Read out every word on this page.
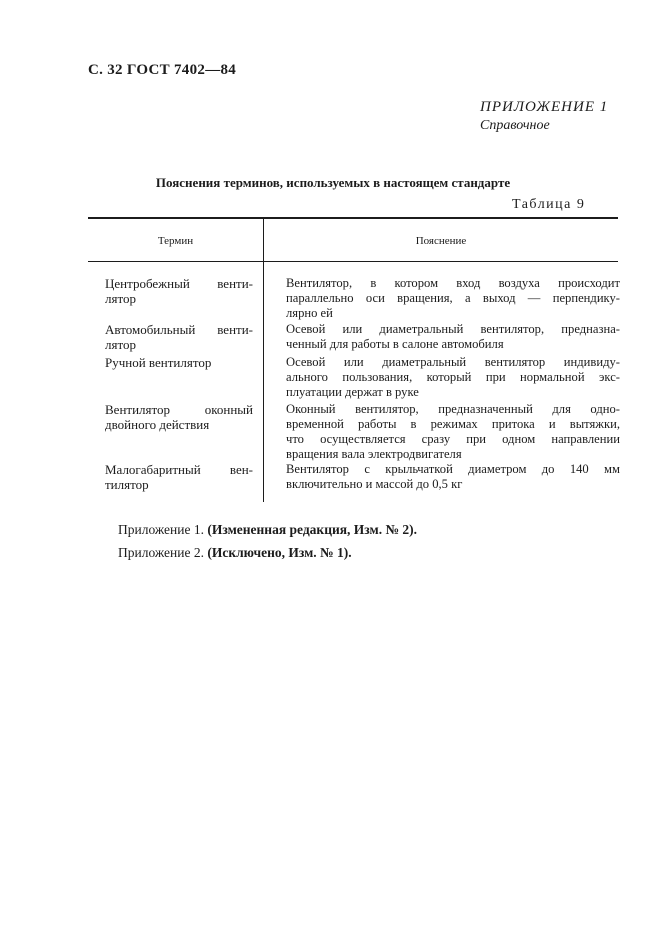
С. 32 ГОСТ 7402—84
ПРИЛОЖЕНИЕ 1
Справочное
Пояснения терминов, используемых в настоящем стандарте
Таблица 9
Термин	Пояснение
Центробежный венти-
лятор
Вентилятор, в котором вход воздуха происходит
параллельно оси вращения, а выход — перпендику-
лярно ей
Автомобильный венти-
лятор
Осевой или диаметральный вентилятор, предназна-
ченный для работы в салоне автомобиля
Ручной вентилятор	Осевой или диаметральный вентилятор индивиду-
ального пользования, который при нормальной экс-
плуатации держат в руке
Вентилятор оконный
двойного действия
Оконный вентилятор, предназначенный для одно-
временной работы в режимах притока и вытяжки,
что осуществляется сразу при одном направлении
вращения вала электродвигателя
Малогабаритный вен-
тилятор
Вентилятор с крыльчаткой диаметром до 140 мм
включительно и массой до 0,5 кг
Приложение 1. (Измененная редакция, Изм. № 2).
Приложение 2. (Исключено, Изм. № 1).
